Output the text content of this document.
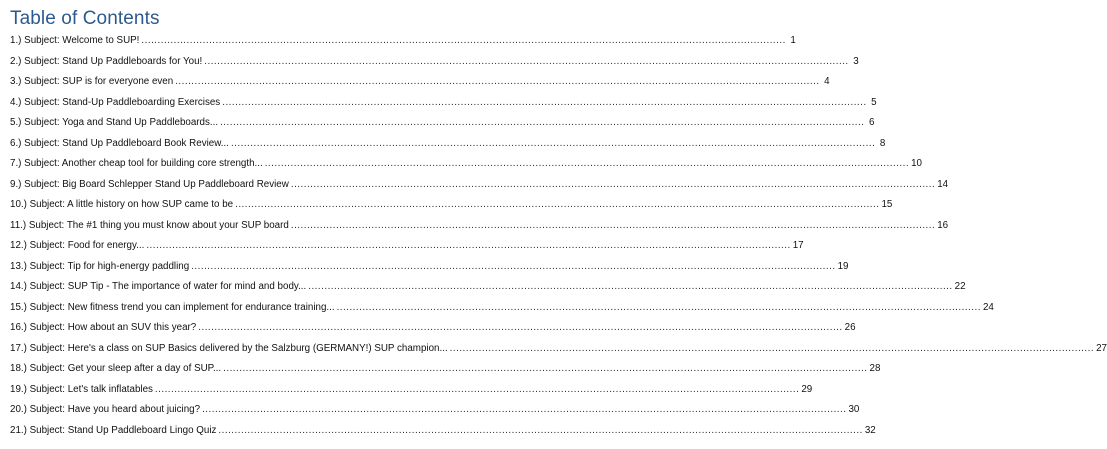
Table of Contents
1.) Subject: Welcome to SUP! ........................................................................................................................................................................................................ 1
2.) Subject: Stand Up Paddleboards for You! ........................................................................................................................................................................................................ 3
3.) Subject: SUP is for everyone even ........................................................................................................................................................................................................ 4
4.) Subject: Stand-Up Paddleboarding Exercises ........................................................................................................................................................................................................ 5
5.) Subject: Yoga and Stand Up Paddleboards... ........................................................................................................................................................................................................ 6
6.) Subject: Stand Up Paddleboard Book Review... ........................................................................................................................................................................................................ 8
7.) Subject: Another cheap tool for building core strength... ........................................................................................................................................................................................................ 10
9.) Subject: Big Board Schlepper Stand Up Paddleboard Review ........................................................................................................................................................................................................ 14
10.) Subject: A little history on how SUP came to be ........................................................................................................................................................................................................ 15
11.) Subject: The #1 thing you must know about your SUP board ........................................................................................................................................................................................................ 16
12.) Subject: Food for energy... ........................................................................................................................................................................................................ 17
13.) Subject: Tip for high-energy paddling ........................................................................................................................................................................................................ 19
14.) Subject: SUP Tip - The importance of water for mind and body... ........................................................................................................................................................................................................ 22
15.) Subject: New fitness trend you can implement for endurance training... ........................................................................................................................................................................................................ 24
16.) Subject: How about an SUV this year? ........................................................................................................................................................................................................ 26
17.) Subject: Here's a class on SUP Basics delivered by the Salzburg (GERMANY!) SUP champion... ........................................................................................................................................................................................................ 27
18.) Subject: Get your sleep after a day of SUP... ........................................................................................................................................................................................................ 28
19.) Subject: Let's talk inflatables ........................................................................................................................................................................................................ 29
20.) Subject: Have you heard about juicing? ........................................................................................................................................................................................................ 30
21.) Subject: Stand Up Paddleboard Lingo Quiz ........................................................................................................................................................................................................ 32
